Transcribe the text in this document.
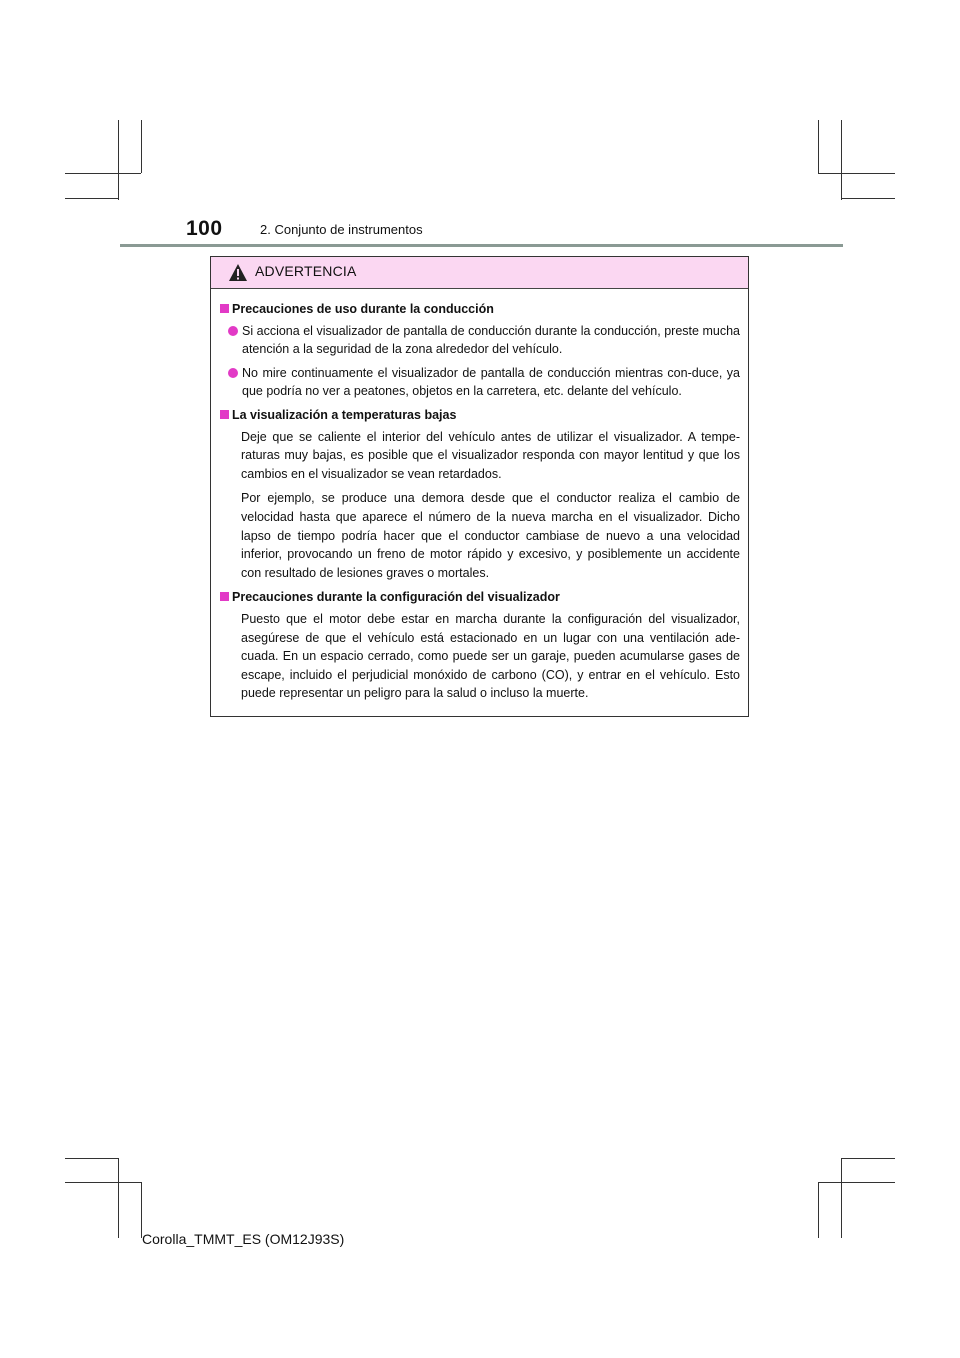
100	2. Conjunto de instrumentos
ADVERTENCIA
Precauciones de uso durante la conducción
Si acciona el visualizador de pantalla de conducción durante la conducción, preste mucha atención a la seguridad de la zona alrededor del vehículo.
No mire continuamente el visualizador de pantalla de conducción mientras con-duce, ya que podría no ver a peatones, objetos en la carretera, etc. delante del vehículo.
La visualización a temperaturas bajas
Deje que se caliente el interior del vehículo antes de utilizar el visualizador. A tempe-raturas muy bajas, es posible que el visualizador responda con mayor lentitud y que los cambios en el visualizador se vean retardados.
Por ejemplo, se produce una demora desde que el conductor realiza el cambio de velocidad hasta que aparece el número de la nueva marcha en el visualizador. Dicho lapso de tiempo podría hacer que el conductor cambiase de nuevo a una velocidad inferior, provocando un freno de motor rápido y excesivo, y posiblemente un accidente con resultado de lesiones graves o mortales.
Precauciones durante la configuración del visualizador
Puesto que el motor debe estar en marcha durante la configuración del visualizador, asegúrese de que el vehículo está estacionado en un lugar con una ventilación ade-cuada. En un espacio cerrado, como puede ser un garaje, pueden acumularse gases de escape, incluido el perjudicial monóxido de carbono (CO), y entrar en el vehículo. Esto puede representar un peligro para la salud o incluso la muerte.
Corolla_TMMT_ES (OM12J93S)
